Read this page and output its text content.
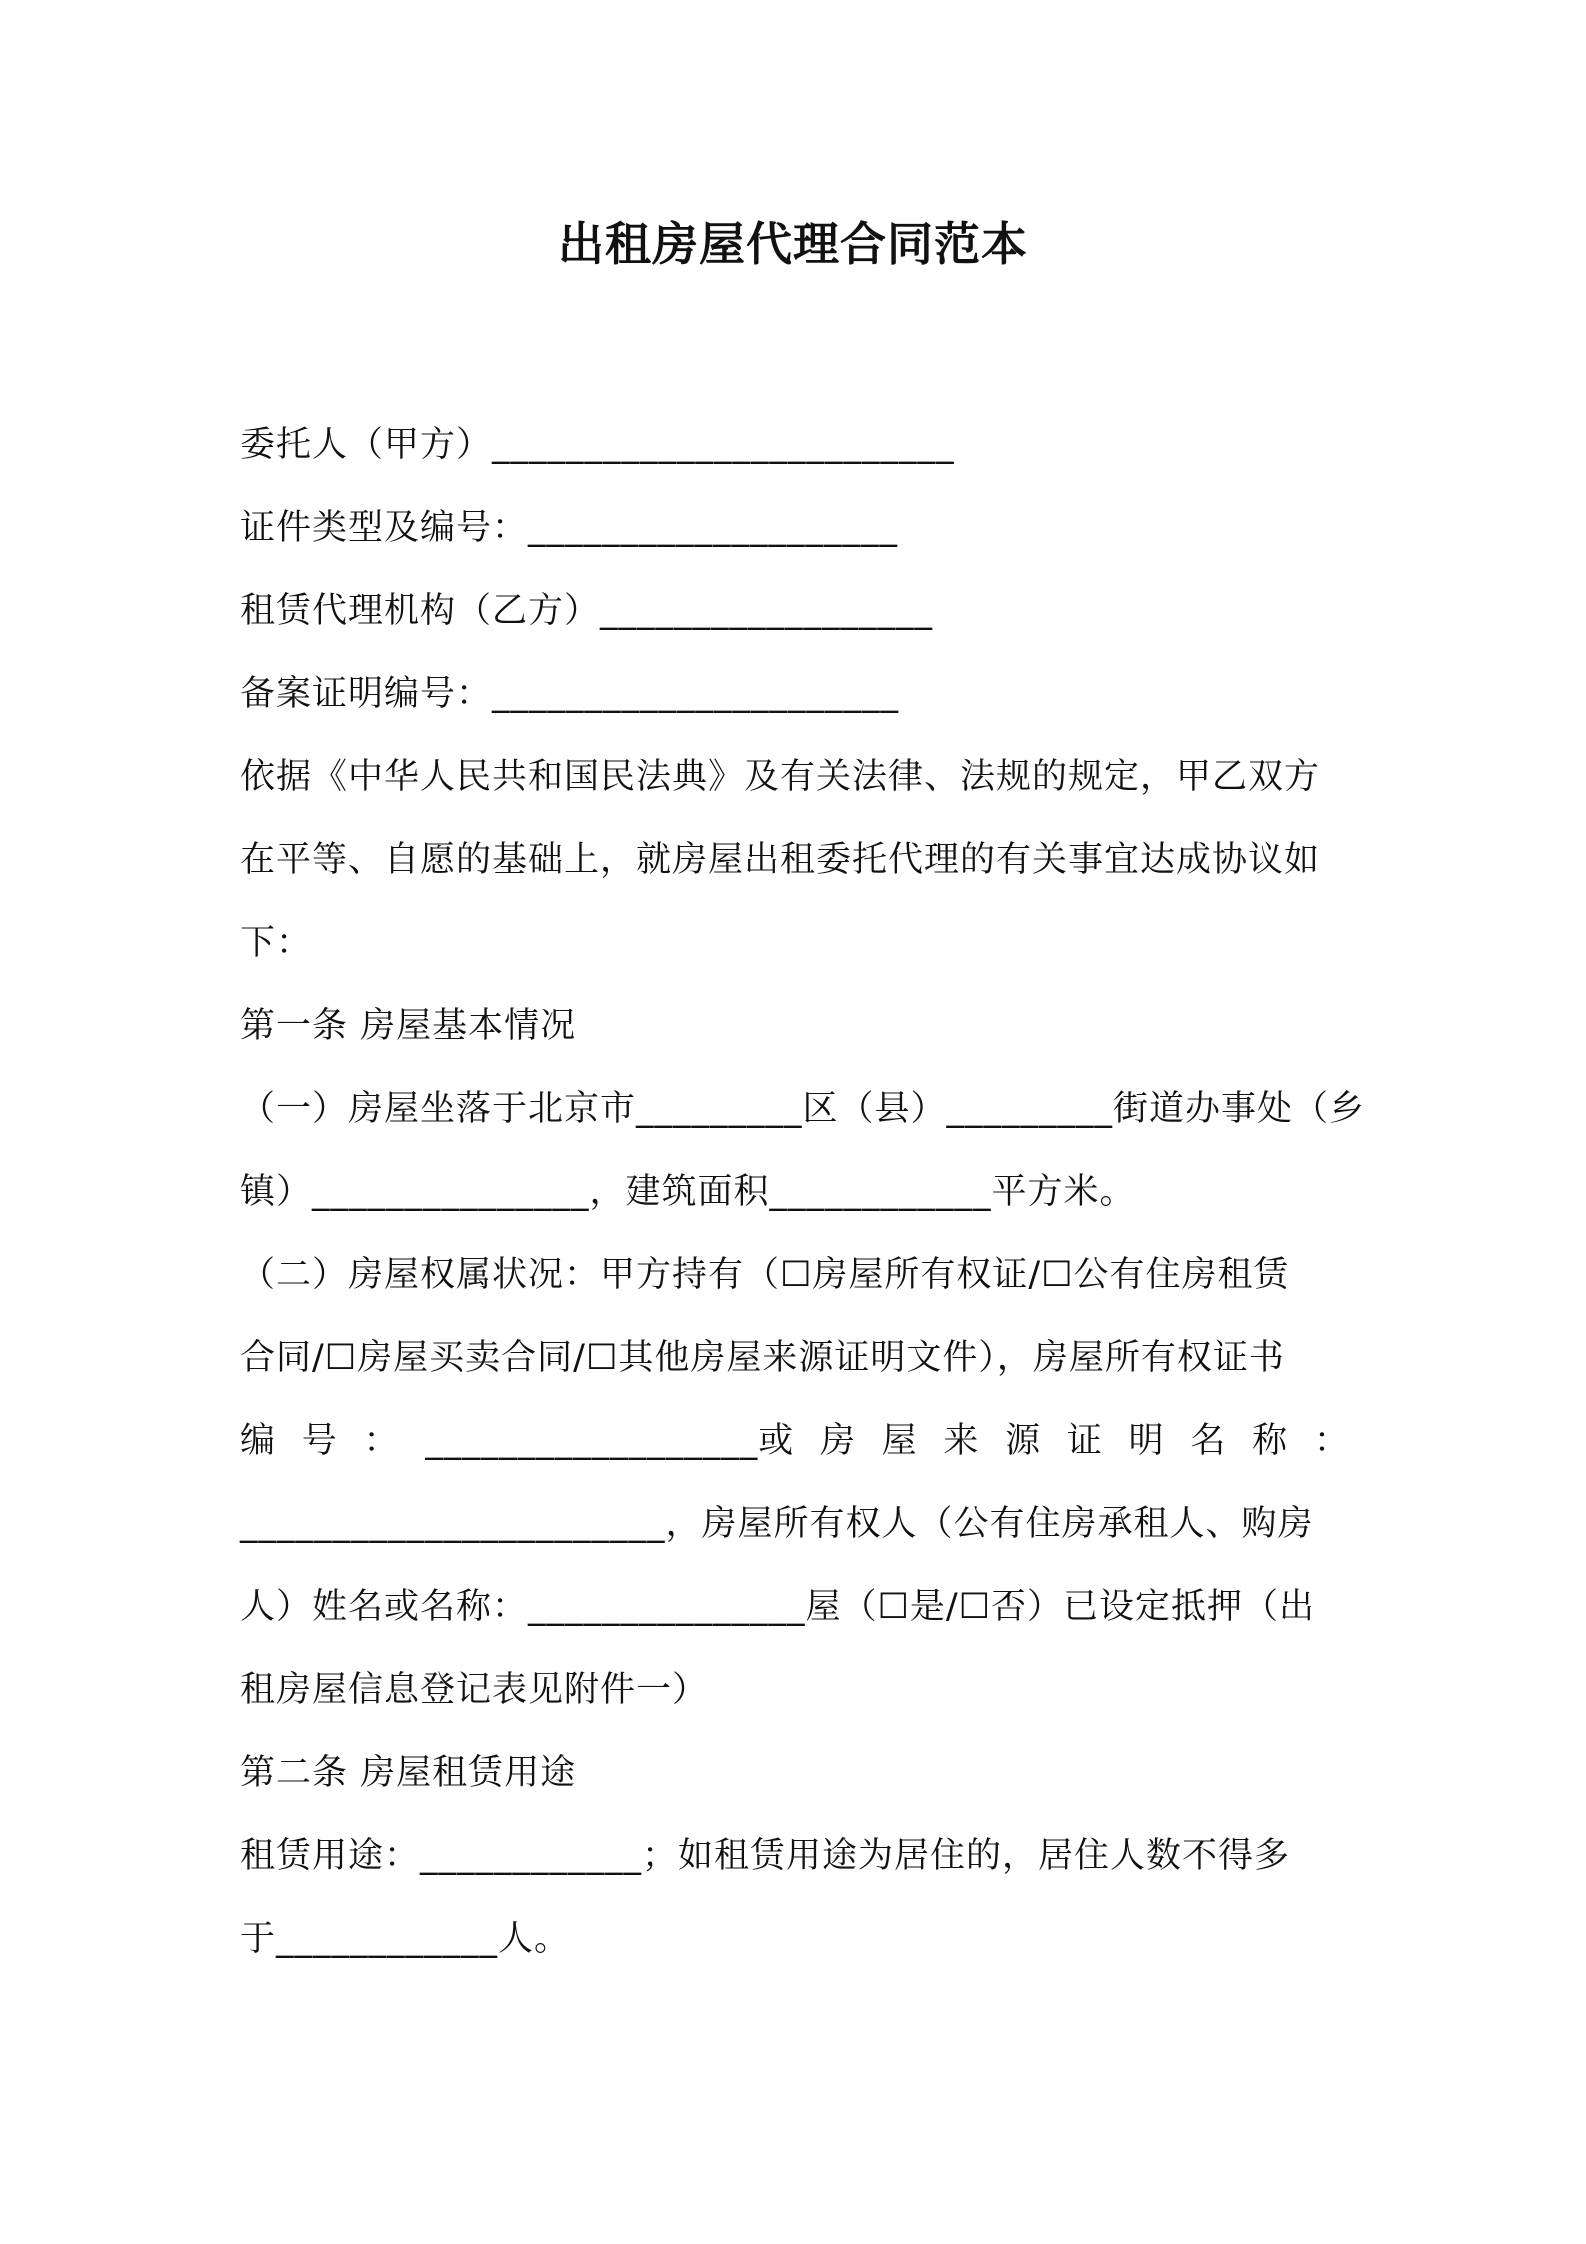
出租房屋代理合同范本
委托人（甲方）_________________________
证件类型及编号：____________________
租赁代理机构（乙方）__________________
备案证明编号：______________________
依据《中华人民共和国民法典》及有关法律、法规的规定，甲乙双方
在平等、自愿的基础上，就房屋出租委托代理的有关事宜达成协议如
下：
第一条 房屋基本情况
（一）房屋坐落于北京市_________区（县）_________街道办事处（乡
镇）_______________，建筑面积____________平方米。
（二）房屋权属状况：甲方持有（☐房屋所有权证/☐公有住房租赁
合同/☐房屋买卖合同/☐其他房屋来源证明文件），房屋所有权证书
编 号 ： __________________或 房 屋 来 源 证 明 名 称 ：
_______________________，房屋所有权人（公有住房承租人、购房
人）姓名或名称：_______________屋（☐是/☐否）已设定抵押（出
租房屋信息登记表见附件一）
第二条 房屋租赁用途
租赁用途：____________；如租赁用途为居住的，居住人数不得多
于____________人。
